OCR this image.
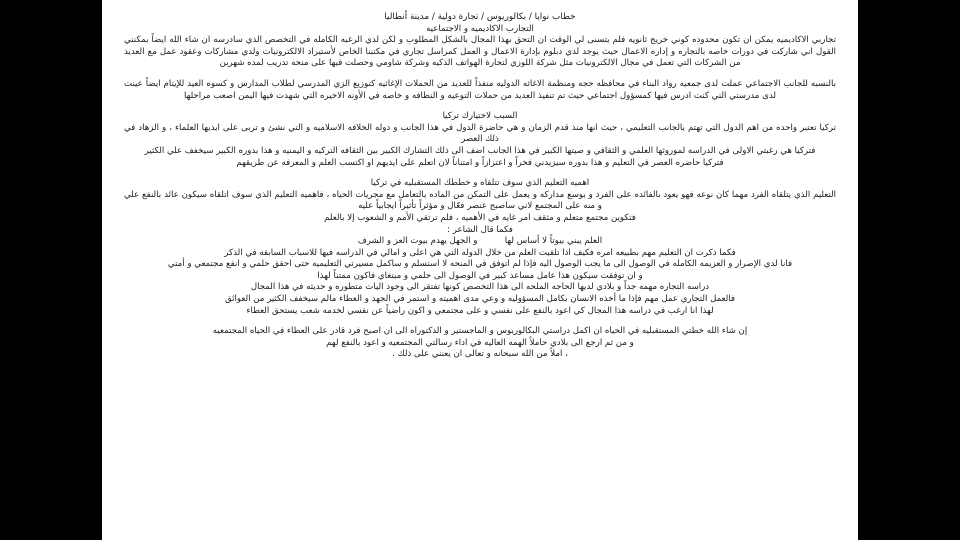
خطاب نوايا / بكالوريوس / تجارة دولية / مدينة أنطاليا

التجارب الاكاديميه و الاجتماعيه

تجاربي الاكاديميه يمكن ان تكون محدوده كوني خريج ثانويه فلم يتسنى لي الوقت ان التحق بهذا المجال بالشكل المطلوب و لكن لدي الرغبه الكامله في التخصص الذي سادرسه ان شاء الله ايضاً بمكنني القول اني شاركت في دورات خاصه بالتجاره و إداره الاعمال حيث يوجد لدي دبلوم بإدارة الاعمال و العمل كمراسل تجاري في مكتبنا الخاص لأستيراد الالكترونيات ولدي مشاركات وعقود عمل مع العديد من الشركات التي تعمل في مجال الالكترونيات مثل شركة اللوزي لتجارة الهواتف الذكيه وشركة شاومي وحصلت فيها على منحه تدريب لمده شهرين

بالنسبه للجانب الاجتماعي عملت لدى جمعيه رواد البناء في محافظه حجه ومنظمة الاغاثه الدوليه منفذاً للعديد من الحملات الإغاثيه كتوزيع الزي المدرسي لطلاب المدارس و كسوه العيد للإيتام ايضاً عينت لدى مدرستي التي كنت ادرس فيها كمسؤول اجتماعي حيث تم تنفيذ العديد من حملات التوعيه و النظافه و خاصه في الأونه الاخيره التي شهدت فيها اليمن اصعب مراحلها

السبب لاختيارك تركيا

تركيا تعتبر واحده من اهم الدول التي تهتم بالجانب التعليمي ، حيث انها منذ قدم الزمان و هي حاضرة الدول في هذا الجانب و دوله الخلافه الاسلاميه و التي نشئ و تربى على ايديها العلماء ، و الزهاد في ذلك العصر

فتركيا هي رغبتي الاولى في الدراسه لموروثها العلمي و الثقافي و صيتها الكبير في هذا الجانب اضف الى ذلك التشارك الكبير بين الثقافه التركيه و اليمنيه و هذا بدوره الكبير سيخفف علي الكثير

فتركيا حاضره العصر في التعليم و هذا بدوره سيزيدني فخراً و اعتزازاً و امتناناً لان اتعلم على ايديهم او اكتسب العلم و المعرفه عن طريقهم

اهميه التعليم الذي سوف تتلقاه و خططك المستقبليه في تركيا

التعليم الذي يتلقاه الفرد مهما كان نوعه فهو يعود بالفائده على الفرد و يوسع مداركه و يعمل على التمكن من الماده بالتعامل مع مجريات الحياه ، فاهميه التعليم الذي سوف اتلقاه سيكون عائد بالنفع علي و منه على المجتمع لاني ساصبح عنصر فعّال و مؤثراً تأثيراً ايجابياً عليه

فتكوين مجتمع متعلم و مثقف امر غايه في الأهميه ، فلم ترتقي الأمم و الشعوب إلا بالعلم

فكما قال الشاعر :

العلم يبني بيوتاً لا أساس لها          و الجهل يهدم بيوت العز و الشرف

فكما ذكرت ان التعليم مهم بطبيعه امره فكيف اذا تلقيت العلم من خلال الدوله التي هي اعلى و امالي في الدراسه فيها للاسباب السابقه في الذكر

فانا لدي الإصرار و العزيمه الكامله في الوصول الى ما يجب الوصول اليه فإذا لم اتوفق في المنحه لا استسلم و ساكمل مسيرتي التعليميه حتى احقق حلمي و انفع مجتمعي و أمتي

و ان توفقت سيكون هذا عامل مساعد كبير في الوصول الى حلمي و مبتغاي فاكون ممتناً لهذا

دراسه التجاره مهمه جداً و بلادي لديها الحاجه الملحه الى هذا التخصص كونها تفتقر الى وجود اليات متطوره و حديثه في هذا المجال

فالعمل التجاري عمل مهم فإذا ما أخذه الانسان بكامل المسؤوليه و وعي مدى اهميته و استمر في الجهد و العطاء مالم سيخفف الكثير من العوائق

لهذا انا ارغب في دراسه هذا المجال كي اعود بالنفع على نفسي و على مجتمعي و اكون راضياً عن نفسي لخدمه شعب يستحق العطاء

إن شاء الله خطتي المستقبليه في الحياه ان اكمل دراستي البكالوريوس و الماجستير و الدكتوراه الى ان اصبح فرد قادر على العطاء في الحياه المجتمعيه

و من ثم ارجع الى بلادي حاملاً الهمه العاليه في اداء رسالتي المجتمعيه و اعود بالنفع لهم

، املاً من الله سبحانه و تعالى ان يعنني على ذلك .
